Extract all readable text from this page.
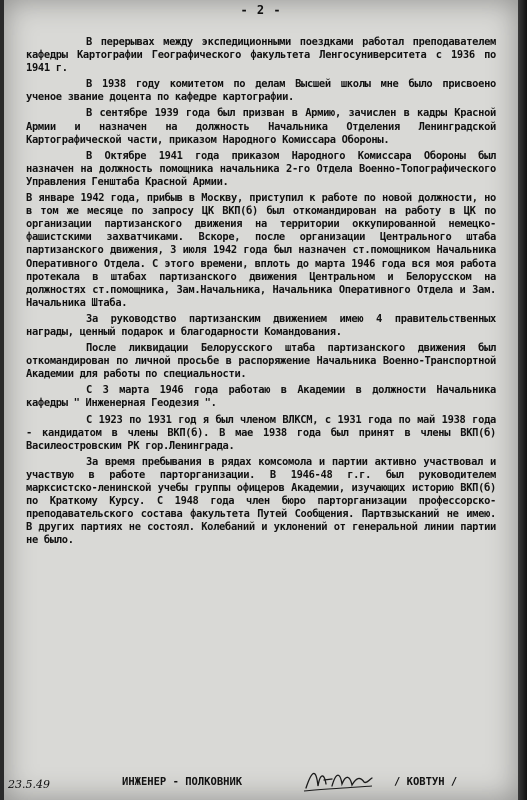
- 2 -

В перерывах между экспедиционными поездками работал преподавателем кафедры Картографии Географического факультета Ленгосуниверситета с 1936 по 1941 г.

В 1938 году комитетом по делам Высшей школы мне было присвоено ученое звание доцента по кафедре картографии.

В сентябре 1939 года был призван в Армию, зачислен в кадры Красной Армии и назначен на должность Начальника Отделения Ленинградской Картографической части, приказом Народного Комиссара Обороны.

В Октябре 1941 года приказом Народного Комиссара Обороны был назначен на должность помощника начальника 2-го Отдела Военно-Топографического Управления Генштаба Красной Армии.

В январе 1942 года, прибыв в Москву, приступил к работе по новой должности, но в том же месяце по запросу ЦК ВКП(б) был откомандирован на работу в ЦК по организации партизанского движения на территории оккупированной немецко-фашистскими захватчиками. Вскоре, после организации Центрального штаба партизанского движения, 3 июля 1942 года был назначен ст.помощником Начальника Оперативного Отдела. С этого времени, вплоть до марта 1946 года вся моя работа протекала в штабах партизанского движения Центральном и Белорусском на должностях ст.помощника, Зам.Начальника, Начальника Оперативного Отдела и Зам. Начальника Штаба.

За руководство партизанским движением имею 4 правительственных награды, ценный подарок и благодарности Командования.

После ликвидации Белорусского штаба партизанского движения был откомандирован по личной просьбе в распоряжение Начальника Военно-Транспортной Академии для работы по специальности.

С 3 марта 1946 года работаю в Академии в должности Начальника кафедры " Инженерная Геодезия ".

С 1923 по 1931 год я был членом ВЛКСМ, с 1931 года по май 1938 года - кандидатом в члены ВКП(б). В мае 1938 года был принят в члены ВКП(б) Василеостровским РК гор.Ленинграда.

За время пребывания в рядах комсомола и партии активно участвовал и участвую в работе парторганизации. В 1946-48 г.г. был руководителем марксистско-ленинской учебы группы офицеров Академии, изучающих историю ВКП(б) по Краткому Курсу. С 1948 года член бюро парторганизации профессорско-преподавательского состава факультета Путей Сообщения. Партвзысканий не имею. В других партиях не состоял. Колебаний и уклонений от генеральной линии партии не было.

23.5.49	ИНЖЕНЕР - ПОЛКОВНИК	/ КОВТУН /
